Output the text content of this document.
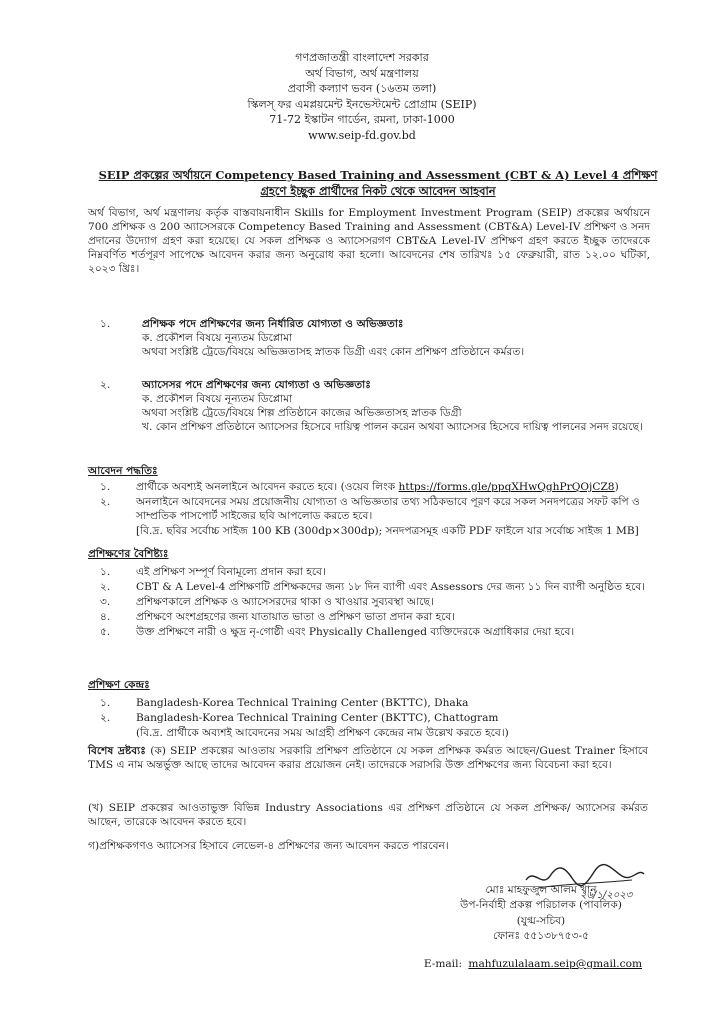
গণপ্রজাতন্ত্রী বাংলাদেশ সরকার
অর্থ বিভাগ, অর্থ মন্ত্রণালয়
প্রবাসী কল্যাণ ভবন (১৬তম তলা)
স্কিলস্ ফর এমপ্লয়মেন্ট ইনভেস্টমেন্ট প্রোগ্রাম (SEIP)
71-72 ইস্কাটন গার্ডেন, রমনা, ঢাকা-1000
www.seip-fd.gov.bd
SEIP প্রকল্পের অর্থায়নে Competency Based Training and Assessment (CBT & A) Level 4 প্রশিক্ষণ
গ্রহণে ইচ্ছুক প্রার্থীদের নিকট থেকে আবেদন আহবান
অর্থ বিভাগ, অর্থ মন্ত্রণালয় কর্তৃক বাস্তবায়নাধীন Skills for Employment Investment Program (SEIP) প্রকল্পের অর্থায়নে 700 প্রশিক্ষক ও 200 অ্যাসেসরকে Competency Based Training and Assessment (CBT&A) Level-IV প্রশিক্ষণ ও সনদ প্রদানের উদ্যোগ গ্রহণ করা হয়েছে। যে সকল প্রশিক্ষক ও অ্যাসেসরগণ CBT&A Level-IV প্রশিক্ষণ গ্রহণ করতে ইচ্ছুক তাদেরকে নিম্নবর্ণিত শর্তপূরণ সাপেক্ষে আবেদন করার জন্য অনুরোধ করা হলো। আবেদনের শেষ তারিখঃ ১৫ ফেব্রুয়ারী, রাত ১২.০০ ঘটিকা, ২০২৩ খ্রিঃ।
১.	প্রশিক্ষক পদে প্রশিক্ষণের জন্য নির্ধারিত যোগ্যতা ও অভিজ্ঞতাঃ
ক. প্রকৌশল বিষয়ে নূন্যতম ডিপ্লোমা
অথবা সংশ্লিষ্ট ট্রেডে/বিষয়ে অভিজ্ঞতাসহ স্নাতক ডিগ্রী এবং কোন প্রশিক্ষণ প্রতিষ্ঠানে কর্মরত।
২.	অ্যাসেসর পদে প্রশিক্ষণের জন্য যোগ্যতা ও অভিজ্ঞতাঃ
ক. প্রকৌশল বিষয়ে নূন্যতম ডিপ্লোমা
অথবা সংশ্লিষ্ট ট্রেডে/বিষয়ে শিল্প প্রতিষ্ঠানে কাজের অভিজ্ঞতাসহ স্নাতক ডিগ্রী
খ. কোন প্রশিক্ষণ প্রতিষ্ঠানে অ্যাসেসর হিসেবে দায়িত্ব পালন করেন অথবা অ্যাসেসর হিসেবে দায়িত্ব পালনের সনদ রয়েছে।
আবেদন পদ্ধতিঃ
১. প্রার্থীকে অবশ্যই অনলাইনে আবেদন করতে হবে। (ওয়েব লিংক https://forms.gle/ppqXHwQghPrQOjCZ8)
২. অনলাইনে আবেদনের সময় প্রয়োজনীয় যোগ্যতা ও অভিজ্ঞতার তথ্য সঠিকভাবে পূরণ করে সকল সনদপত্রের সফট কপি ও সাম্প্রতিক পাসপোর্ট সাইজের ছবি আপলোড করতে হবে।
[বি.দ্র. ছবির সর্বোচ্চ সাইজ 100 KB (300dp×300dp); সনদপত্রসমূহ একটি PDF ফাইলে যার সর্বোচ্চ সাইজ 1 MB]
প্রশিক্ষণের বৈশিষ্ট্যঃ
১. এই প্রশিক্ষণ সম্পূর্ণ বিনামূল্যে প্রদান করা হবে।
২. CBT & A Level-4 প্রশিক্ষণটি প্রশিক্ষকদের জন্য ১৮ দিন ব্যাপী এবং Assessors দের জন্য ১১ দিন ব্যাপী অনুষ্ঠিত হবে।
৩. প্রশিক্ষণকালে প্রশিক্ষক ও অ্যাসেসরদের থাকা ও খাওয়ার সুব্যবস্থা আছে।
৪. প্রশিক্ষণে অংশগ্রহণের জন্য যাতায়াত ভাতা ও প্রশিক্ষণ ভাতা প্রদান করা হবে।
৫. উক্ত প্রশিক্ষণে নারী ও ক্ষুদ্র নৃ-গোষ্ঠী এবং Physically Challenged ব্যক্তিদেরকে অগ্রাধিকার দেয়া হবে।
প্রশিক্ষণ কেন্দ্রঃ
১. Bangladesh-Korea Technical Training Center (BKTTC), Dhaka
২. Bangladesh-Korea Technical Training Center (BKTTC), Chattogram
(বি.দ্র. প্রার্থীকে অব্যশই আবেদনের সময় আগ্রহী প্রশিক্ষণ কেন্দ্রের নাম উল্লেখ করতে হবে।)
বিশেষ দ্রষ্টব্যঃ (ক) SEIP প্রকল্পের আওতায় সরকারি প্রশিক্ষণ প্রতিষ্ঠানে যে সকল প্রশিক্ষক কর্মরত আছেন/Guest Trainer হিসাবে TMS এ নাম অন্তর্ভুক্ত আছে তাদের আবেদন করার প্রয়োজন নেই। তাদেরকে সরাসরি উক্ত প্রশিক্ষণের জন্য বিবেচনা করা হবে।
(খ) SEIP প্রকল্পের আওতাভুক্ত বিভিন্ন Industry Associations এর প্রশিক্ষণ প্রতিষ্ঠানে যে সকল প্রশিক্ষক/ অ্যাসেসর কর্মরত আছেন, তারেকে আবেদন করতে হবে।
গ)প্রশিক্ষকগণও অ্যাসেসর হিসাবে লেভেল-৪ প্রশিক্ষণের জন্য আবেদন করতে পারবেন।
২৬/১/২০২৩
মোঃ মাহফুজুল আলম খান
উপ-নির্বাহী প্রকল্প পরিচালক (পাবলিক)
(যুগ্ম-সচিব)
ফোনঃ ৫৫১৩৮৭৫৩-৫
E-mail: mahfuzulalaam.seip@gmail.com
